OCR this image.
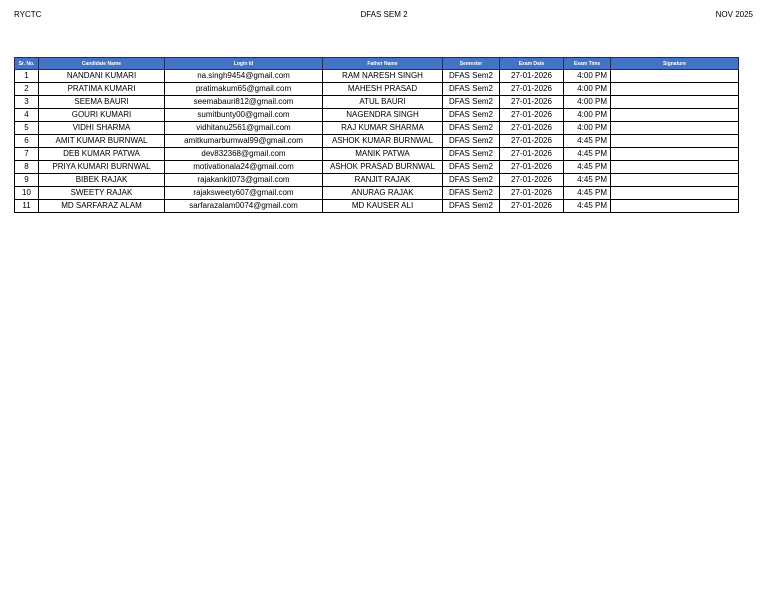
RYCTC	DFAS SEM 2	NOV 2025
Sr. No.	Candidate Name	Login Id	Father Name	Semester	Exam Date	Exam Time	Signature
1	NANDANI KUMARI	na.singh9454@gmail.com	RAM NARESH SINGH	DFAS Sem2	27-01-2026	4:00 PM	
2	PRATIMA KUMARI	pratimakum65@gmail.com	MAHESH PRASAD	DFAS Sem2	27-01-2026	4:00 PM	
3	SEEMA BAURI	seemabauri812@gmail.com	ATUL BAURI	DFAS Sem2	27-01-2026	4:00 PM	
4	GOURI KUMARI	sumitbunty00@gmail.com	NAGENDRA SINGH	DFAS Sem2	27-01-2026	4:00 PM	
5	VIDHI SHARMA	vidhitanu2561@gmail.com	RAJ KUMAR SHARMA	DFAS Sem2	27-01-2026	4:00 PM	
6	AMIT KUMAR BURNWAL	amitkumarburnwal99@gmail.com	ASHOK KUMAR BURNWAL	DFAS Sem2	27-01-2026	4:45 PM	
7	DEB KUMAR PATWA	dev832368@gmail.com	MANIK PATWA	DFAS Sem2	27-01-2026	4:45 PM	
8	PRIYA KUMARI BURNWAL	motivationala24@gmail.com	ASHOK PRASAD BURNWAL	DFAS Sem2	27-01-2026	4:45 PM	
9	BIBEK RAJAK	rajakankit073@gmail.com	RANJIT RAJAK	DFAS Sem2	27-01-2026	4:45 PM	
10	SWEETY RAJAK	rajaksweety607@gmail.com	ANURAG RAJAK	DFAS Sem2	27-01-2026	4:45 PM	
11	MD SARFARAZ ALAM	sarfarazalam0074@gmail.com	MD KAUSER ALI	DFAS Sem2	27-01-2026	4:45 PM	
